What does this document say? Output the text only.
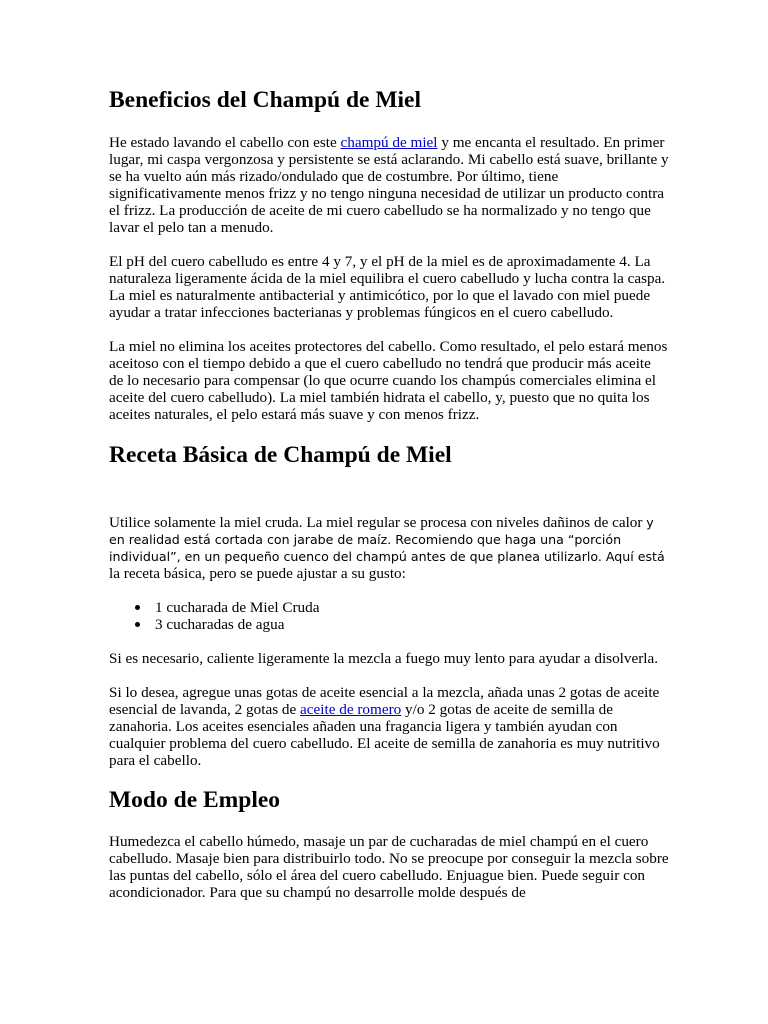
Beneficios del Champú de Miel

He estado lavando el cabello con este champú de miel y me encanta el resultado. En primer lugar, mi caspa vergonzosa y persistente se está aclarando. Mi cabello está suave, brillante y se ha vuelto aún más rizado/ondulado que de costumbre. Por último, tiene significativamente menos frizz y no tengo ninguna necesidad de utilizar un producto contra el frizz. La producción de aceite de mi cuero cabelludo se ha normalizado y no tengo que lavar el pelo tan a menudo.

El pH del cuero cabelludo es entre 4 y 7, y el pH de la miel es de aproximadamente 4. La naturaleza ligeramente ácida de la miel equilibra el cuero cabelludo y lucha contra la caspa. La miel es naturalmente antibacterial y antimicótico, por lo que el lavado con miel puede ayudar a tratar infecciones bacterianas y problemas fúngicos en el cuero cabelludo.

La miel no elimina los aceites protectores del cabello. Como resultado, el pelo estará menos aceitoso con el tiempo debido a que el cuero cabelludo no tendrá que producir más aceite de lo necesario para compensar (lo que ocurre cuando los champús comerciales elimina el aceite del cuero cabelludo). La miel también hidrata el cabello, y, puesto que no quita los aceites naturales, el pelo estará más suave y con menos frizz.

Receta Básica de Champú de Miel

Utilice solamente la miel cruda. La miel regular se procesa con niveles dañinos de calor y en realidad está cortada con jarabe de maíz. Recomiendo que haga una “porción individual”, en un pequeño cuenco del champú antes de que planea utilizarlo. Aquí está la receta básica, pero se puede ajustar a su gusto:

1 cucharada de Miel Cruda
3 cucharadas de agua

Si es necesario, caliente ligeramente la mezcla a fuego muy lento para ayudar a disolverla.

Si lo desea, agregue unas gotas de aceite esencial a la mezcla, añada unas 2 gotas de aceite esencial de lavanda, 2 gotas de aceite de romero y/o 2 gotas de aceite de semilla de zanahoria. Los aceites esenciales añaden una fragancia ligera y también ayudan con cualquier problema del cuero cabelludo. El aceite de semilla de zanahoria es muy nutritivo para el cabello.

Modo de Empleo

Humedezca el cabello húmedo, masaje un par de cucharadas de miel champú en el cuero cabelludo. Masaje bien para distribuirlo todo. No se preocupe por conseguir la mezcla sobre las puntas del cabello, sólo el área del cuero cabelludo. Enjuague bien. Puede seguir con acondicionador. Para que su champú no desarrolle molde después de
